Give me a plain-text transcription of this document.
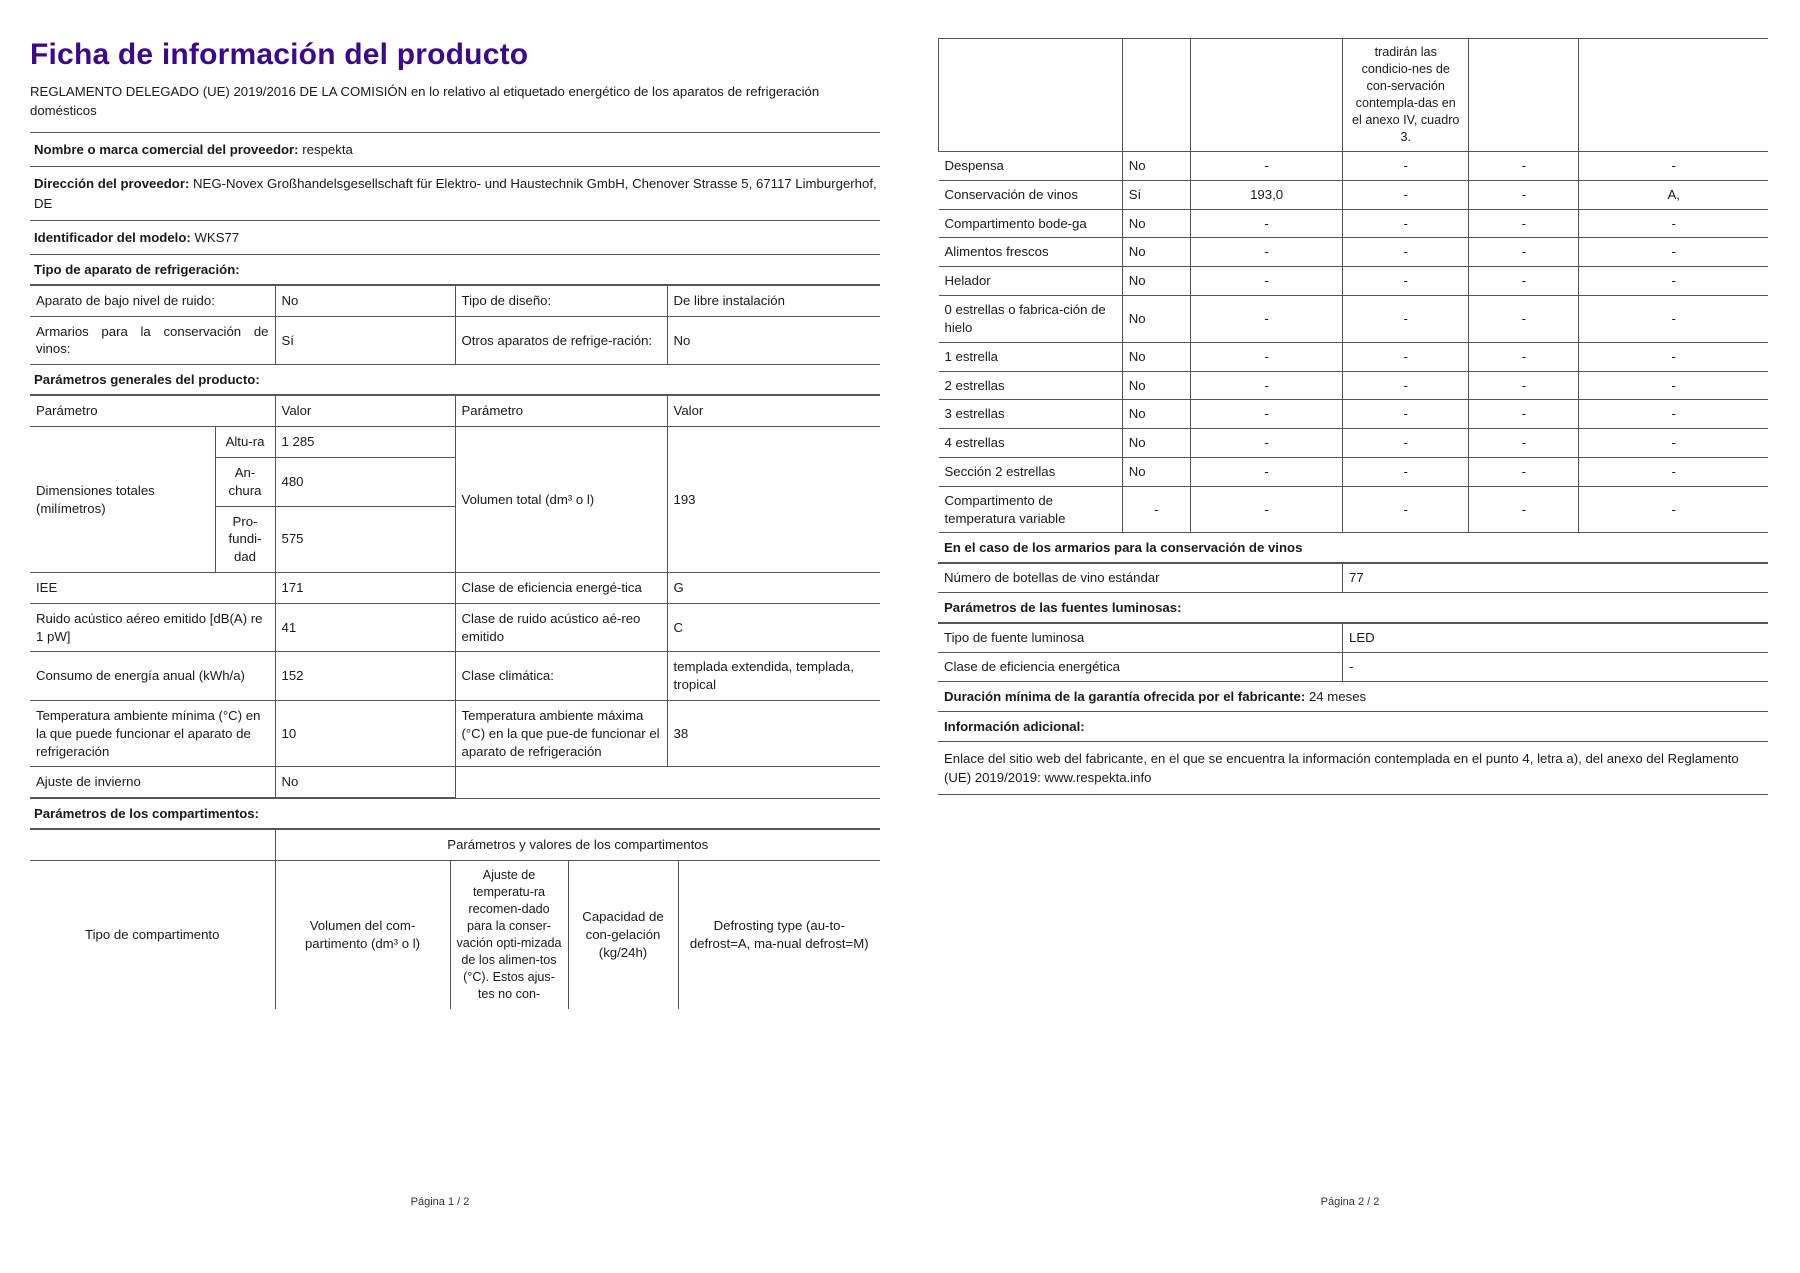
Ficha de información del producto
REGLAMENTO DELEGADO (UE) 2019/2016 DE LA COMISIÓN en lo relativo al etiquetado energético de los aparatos de refrigeración domésticos
Nombre o marca comercial del proveedor: respekta
Dirección del proveedor: NEG-Novex Großhandelsgesellschaft für Elektro- und Haustechnik GmbH, Chenover Strasse 5, 67117 Limburgerhof, DE
Identificador del modelo: WKS77
Tipo de aparato de refrigeración:
Aparato de bajo nivel de ruido:	No	Tipo de diseño:	De libre instalación
Armarios para la conservación de vinos:	Sí	Otros aparatos de refrige-ración:	No
Parámetros generales del producto:
Parámetro		Valor	Parámetro	Valor
Dimensiones totales (milímetros)	Altu-ra	1 285	Volumen total (dm³ o l)	193
	An-chura	480		
	Pro-fundi-dad	575		
IEE		171	Clase de eficiencia energé-tica	G
Ruido acústico aéreo emitido [dB(A) re 1 pW]		41	Clase de ruido acústico aé-reo emitido	C
Consumo de energía anual (kWh/a)		152	Clase climática:	templada extendida, templada, tropical
Temperatura ambiente mínima (°C) en la que puede funcionar el aparato de refrigeración		10	Temperatura ambiente máxima (°C) en la que pue-de funcionar el aparato de refrigeración	38
Ajuste de invierno		No		
Parámetros de los compartimentos:
	Parámetros y valores de los compartimentos			
Tipo de compartimento	Volumen del com-partimento (dm³ o l)	Ajuste de temperatu-ra recomen-dado para la conser-vación opti-mizada de los alimen-tos (°C). Estos ajus-tes no con-	Capacidad de con-gelación (kg/24h)	Defrosting type (au-to-defrost=A, ma-nual defrost=M)
			tradirán las condicio-nes de con-servación contempla-das en el anexo IV, cuadro 3.		
Despensa	No	-	-	-	-
Conservación de vinos	Sí	193,0	-	-	A,
Compartimento bode-ga	No	-	-	-	-
Alimentos frescos	No	-	-	-	-
Helador	No	-	-	-	-
0 estrellas o fabrica-ción de hielo	No	-	-	-	-
1 estrella	No	-	-	-	-
2 estrellas	No	-	-	-	-
3 estrellas	No	-	-	-	-
4 estrellas	No	-	-	-	-
Sección 2 estrellas	No	-	-	-	-
Compartimento de temperatura variable	-	-	-	-	-
En el caso de los armarios para la conservación de vinos
Número de botellas de vino estándar	77
Parámetros de las fuentes luminosas:
Tipo de fuente luminosa	LED
Clase de eficiencia energética	-
Duración mínima de la garantía ofrecida por el fabricante: 24 meses
Información adicional:
Enlace del sitio web del fabricante, en el que se encuentra la información contemplada en el punto 4, letra a), del anexo del Reglamento (UE) 2019/2019: www.respekta.info
Página 1 / 2	Página 2 / 2
